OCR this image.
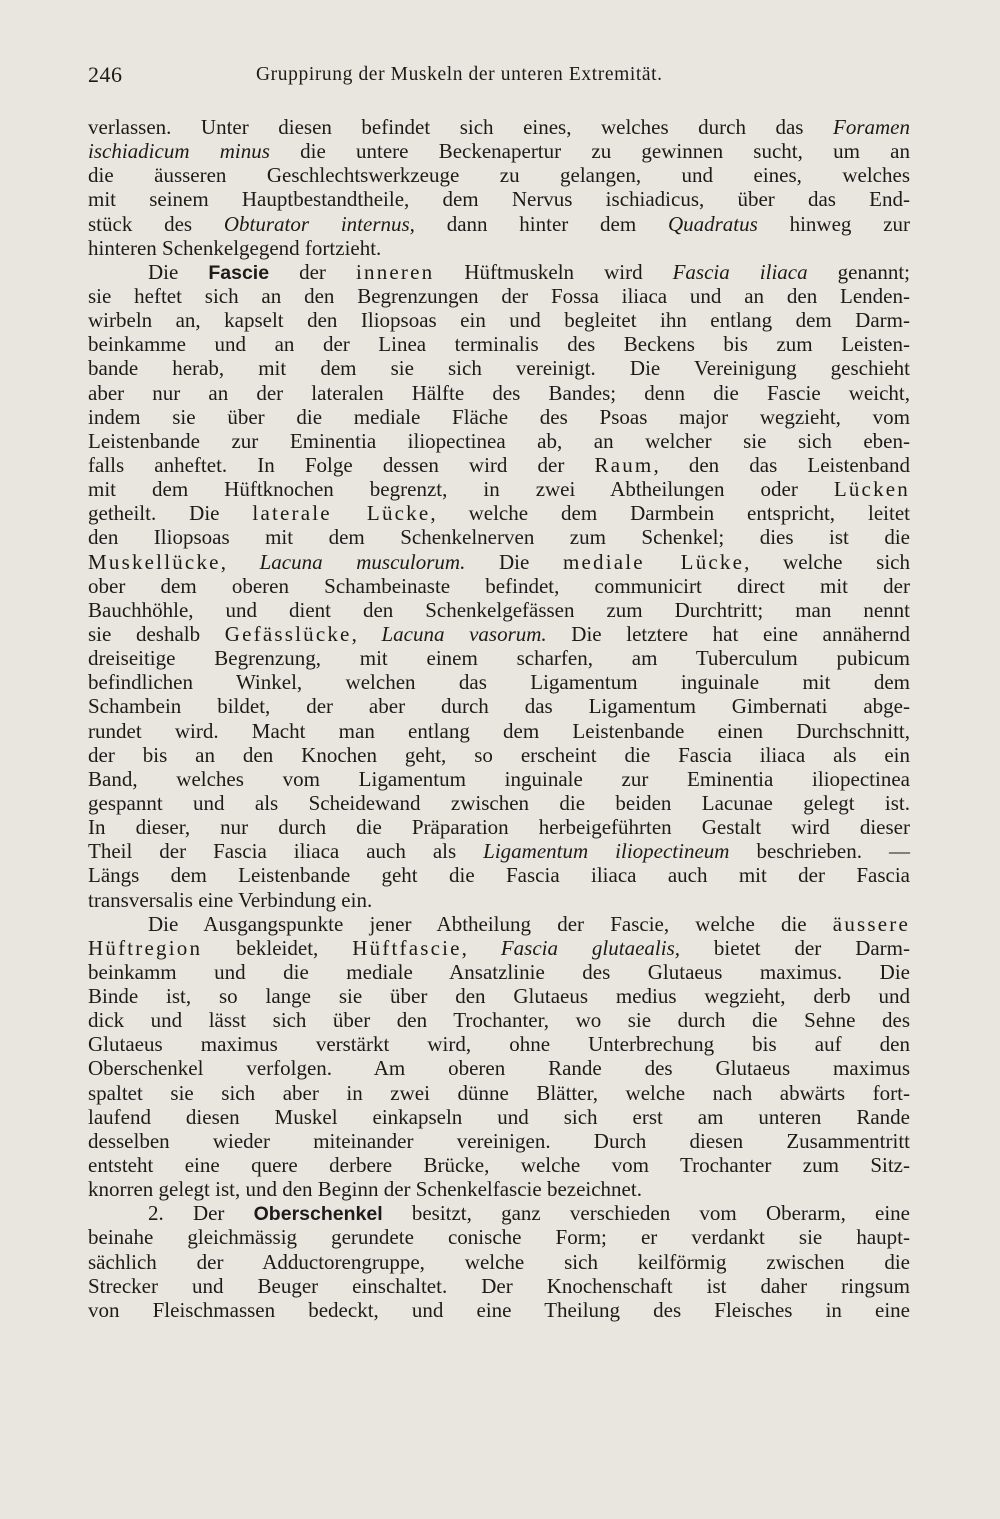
246	Gruppirung der Muskeln der unteren Extremität.
verlassen. Unter diesen befindet sich eines, welches durch das Foramen
ischiadicum minus die untere Beckenapertur zu gewinnen sucht, um an
die äusseren Geschlechtswerkzeuge zu gelangen, und eines, welches
mit seinem Hauptbestandtheile, dem Nervus ischiadicus, über das End-
stück des Obturator internus, dann hinter dem Quadratus hinweg zur
hinteren Schenkelgegend fortzieht.
Die Fascie der inneren Hüftmuskeln wird Fascia iliaca genannt;
sie heftet sich an den Begrenzungen der Fossa iliaca und an den Lenden-
wirbeln an, kapselt den Iliopsoas ein und begleitet ihn entlang dem Darm-
beinkamme und an der Linea terminalis des Beckens bis zum Leisten-
bande herab, mit dem sie sich vereinigt. Die Vereinigung geschieht
aber nur an der lateralen Hälfte des Bandes; denn die Fascie weicht,
indem sie über die mediale Fläche des Psoas major wegzieht, vom
Leistenbande zur Eminentia iliopectinea ab, an welcher sie sich eben-
falls anheftet. In Folge dessen wird der Raum, den das Leistenband
mit dem Hüftknochen begrenzt, in zwei Abtheilungen oder Lücken
getheilt. Die laterale Lücke, welche dem Darmbein entspricht, leitet
den Iliopsoas mit dem Schenkelnerven zum Schenkel; dies ist die
Muskellücke, Lacuna musculorum. Die mediale Lücke, welche sich
ober dem oberen Schambeinaste befindet, communicirt direct mit der
Bauchhöhle, und dient den Schenkelgefässen zum Durchtritt; man nennt
sie deshalb Gefässlücke, Lacuna vasorum. Die letztere hat eine annähernd
dreiseitige Begrenzung, mit einem scharfen, am Tuberculum pubicum
befindlichen Winkel, welchen das Ligamentum inguinale mit dem
Schambein bildet, der aber durch das Ligamentum Gimbernati abge-
rundet wird. Macht man entlang dem Leistenbande einen Durchschnitt,
der bis an den Knochen geht, so erscheint die Fascia iliaca als ein
Band, welches vom Ligamentum inguinale zur Eminentia iliopectinea
gespannt und als Scheidewand zwischen die beiden Lacunae gelegt ist.
In dieser, nur durch die Präparation herbeigeführten Gestalt wird dieser
Theil der Fascia iliaca auch als Ligamentum iliopectineum beschrieben. —
Längs dem Leistenbande geht die Fascia iliaca auch mit der Fascia
transversalis eine Verbindung ein.
Die Ausgangspunkte jener Abtheilung der Fascie, welche die äussere
Hüftregion bekleidet, Hüftfascie, Fascia glutaealis, bietet der Darm-
beinkamm und die mediale Ansatzlinie des Glutaeus maximus. Die
Binde ist, so lange sie über den Glutaeus medius wegzieht, derb und
dick und lässt sich über den Trochanter, wo sie durch die Sehne des
Glutaeus maximus verstärkt wird, ohne Unterbrechung bis auf den
Oberschenkel verfolgen. Am oberen Rande des Glutaeus maximus
spaltet sie sich aber in zwei dünne Blätter, welche nach abwärts fort-
laufend diesen Muskel einkapseln und sich erst am unteren Rande
desselben wieder miteinander vereinigen. Durch diesen Zusammentritt
entsteht eine quere derbere Brücke, welche vom Trochanter zum Sitz-
knorren gelegt ist, und den Beginn der Schenkelfascie bezeichnet.
2. Der Oberschenkel besitzt, ganz verschieden vom Oberarm, eine
beinahe gleichmässig gerundete conische Form; er verdankt sie haupt-
sächlich der Adductorengruppe, welche sich keilförmig zwischen die
Strecker und Beuger einschaltet. Der Knochenschaft ist daher ringsum
von Fleischmassen bedeckt, und eine Theilung des Fleisches in eine
